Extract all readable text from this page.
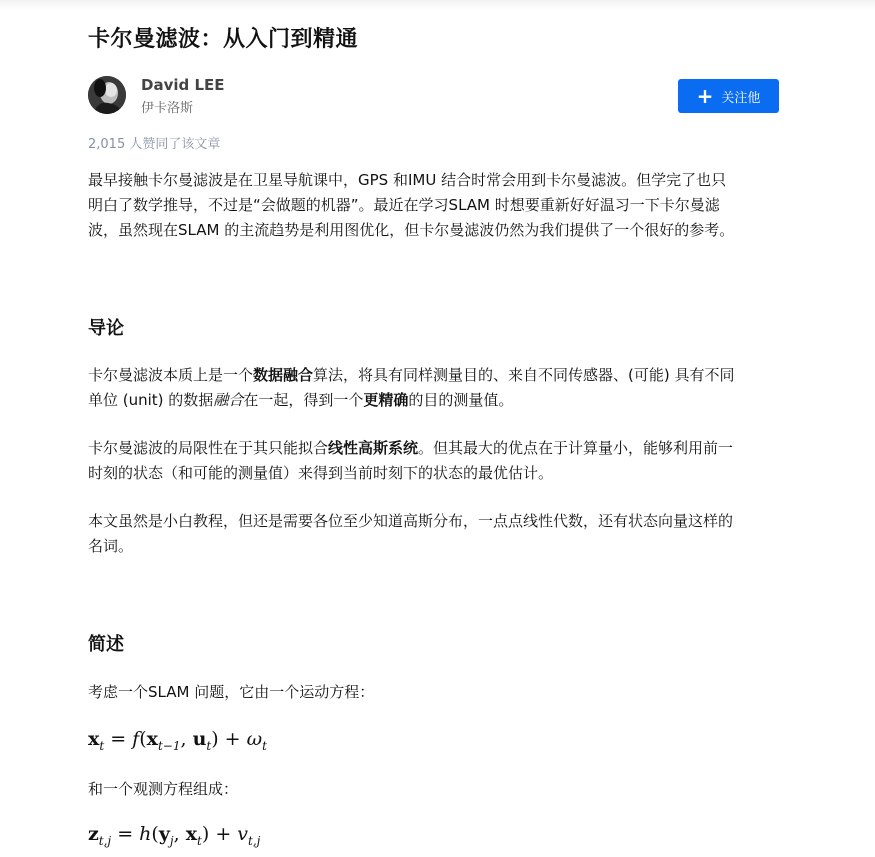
卡尔曼滤波：从入门到精通
David LEE
伊卡洛斯
+ 关注他
2,015 人赞同了该文章
最早接触卡尔曼滤波是在卫星导航课中，GPS 和IMU 结合时常会用到卡尔曼滤波。但学完了也只
明白了数学推导，不过是“会做题的机器”。最近在学习SLAM 时想要重新好好温习一下卡尔曼滤
波，虽然现在SLAM 的主流趋势是利用图优化，但卡尔曼滤波仍然为我们提供了一个很好的参考。
导论
卡尔曼滤波本质上是一个数据融合算法，将具有同样测量目的、来自不同传感器、(可能) 具有不同
单位 (unit) 的数据融合在一起，得到一个更精确的目的测量值。
卡尔曼滤波的局限性在于其只能拟合线性高斯系统。但其最大的优点在于计算量小，能够利用前一
时刻的状态（和可能的测量值）来得到当前时刻下的状态的最优估计。
本文虽然是小白教程，但还是需要各位至少知道高斯分布，一点点线性代数，还有状态向量这样的
名词。
简述
考虑一个SLAM 问题，它由一个运动方程：
$x_t = f(x_{t-1}$, $u_t) + \omega_t$
和一个观测方程组成：
$z_{t,j} = h(y_j$, $x_t) + v_{t,j}$
